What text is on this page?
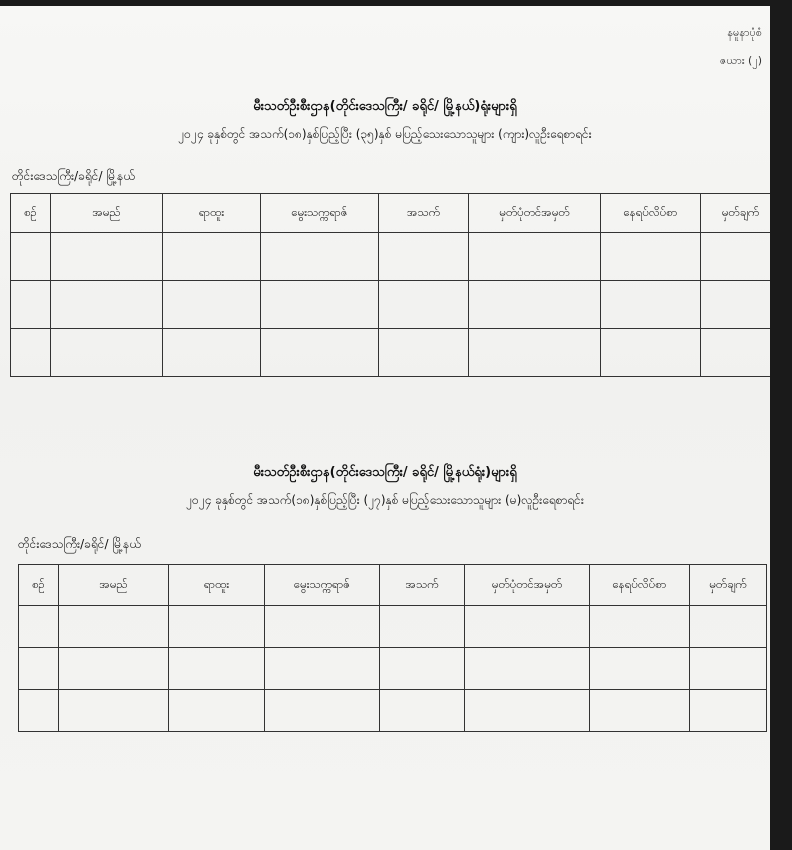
နမူနာပုံစံ
ဇယား (၂)
မီးသတ်ဦးစီးဌာန(တိုင်းဒေသကြီး/ ခရိုင်/ မြို့နယ်)ရုံးများရှိ
၂၀၂၄ ခုနှစ်တွင် အသက်(၁၈)နှစ်ပြည့်ပြီး (၃၅)နှစ် မပြည့်သေးသောသူများ (ကျား)လူဦးရေစာရင်း
တိုင်းဒေသကြီး/ခရိုင်/ မြို့နယ်
စဉ်	အမည်	ရာထူး	မွေးသက္ကရာဇ်	အသက်	မှတ်ပုံတင်အမှတ်	နေရပ်လိပ်စာ	မှတ်ချက်

မီးသတ်ဦးစီးဌာန(တိုင်းဒေသကြီး/ ခရိုင်/ မြို့နယ်ရုံး)များရှိ
၂၀၂၄ ခုနှစ်တွင် အသက်(၁၈)နှစ်ပြည့်ပြီး (၂၇)နှစ် မပြည့်သေးသောသူများ (မ)လူဦးရေစာရင်း
တိုင်းဒေသကြီး/ခရိုင်/ မြို့နယ်
စဉ်	အမည်	ရာထူး	မွေးသက္ကရာဇ်	အသက်	မှတ်ပုံတင်အမှတ်	နေရပ်လိပ်စာ	မှတ်ချက်
